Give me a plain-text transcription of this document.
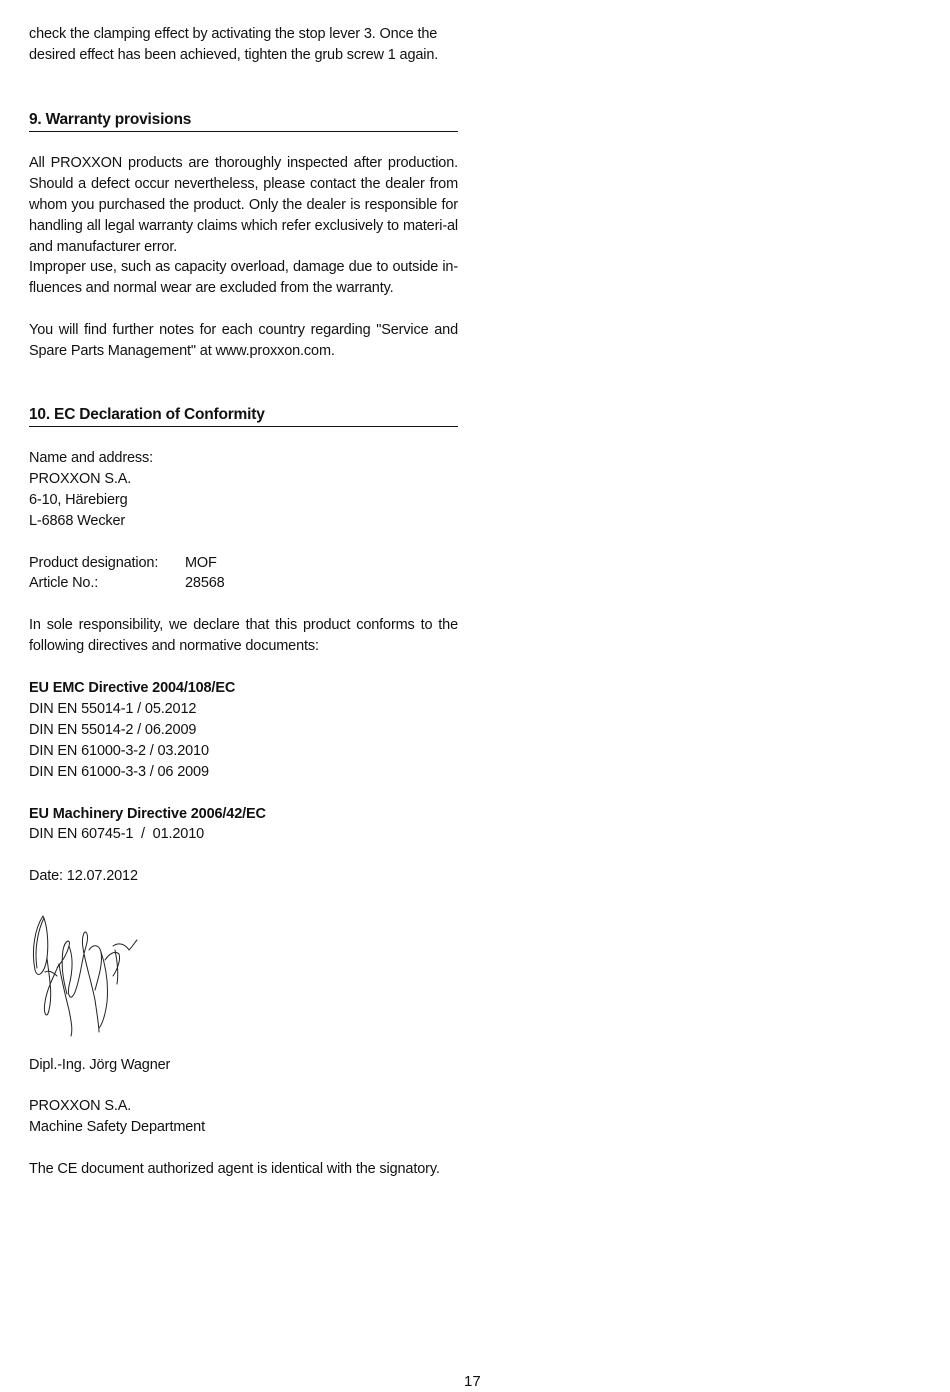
check the clamping effect by activating the stop lever 3. Once the
desired effect has been achieved, tighten the grub screw 1 again.
9. Warranty provisions

All PROXXON products are thoroughly inspected after production. Should a defect occur nevertheless, please contact the dealer from whom you purchased the product. Only the dealer is responsible for handling all legal warranty claims which refer exclusively to materi-al and manufacturer error.

Improper use, such as capacity overload, damage due to outside in-fluences and normal wear are excluded from the warranty.

You will find further notes for each country regarding "Service and Spare Parts Management" at www.proxxon.com.

10. EC Declaration of Conformity
Name and address:
PROXXON S.A.
6-10, Härebierg
L-6868 Wecker
Product designation: MOF
Article No.:	28568

In sole responsibility, we declare that this product conforms to the following directives and normative documents:

EU EMC Directive 2004/108/EC
DIN EN 55014-1 / 05.2012
DIN EN 55014-2 / 06.2009
DIN EN 61000-3-2 / 03.2010
DIN EN 61000-3-3 / 06 2009
EU Machinery Directive 2006/42/EC
DIN EN 60745-1  /  01.2010
Date: 12.07.2012
Dipl.-Ing. Jörg Wagner
PROXXON S.A.
Machine Safety Department
The CE document authorized agent is identical with the signatory.
17
